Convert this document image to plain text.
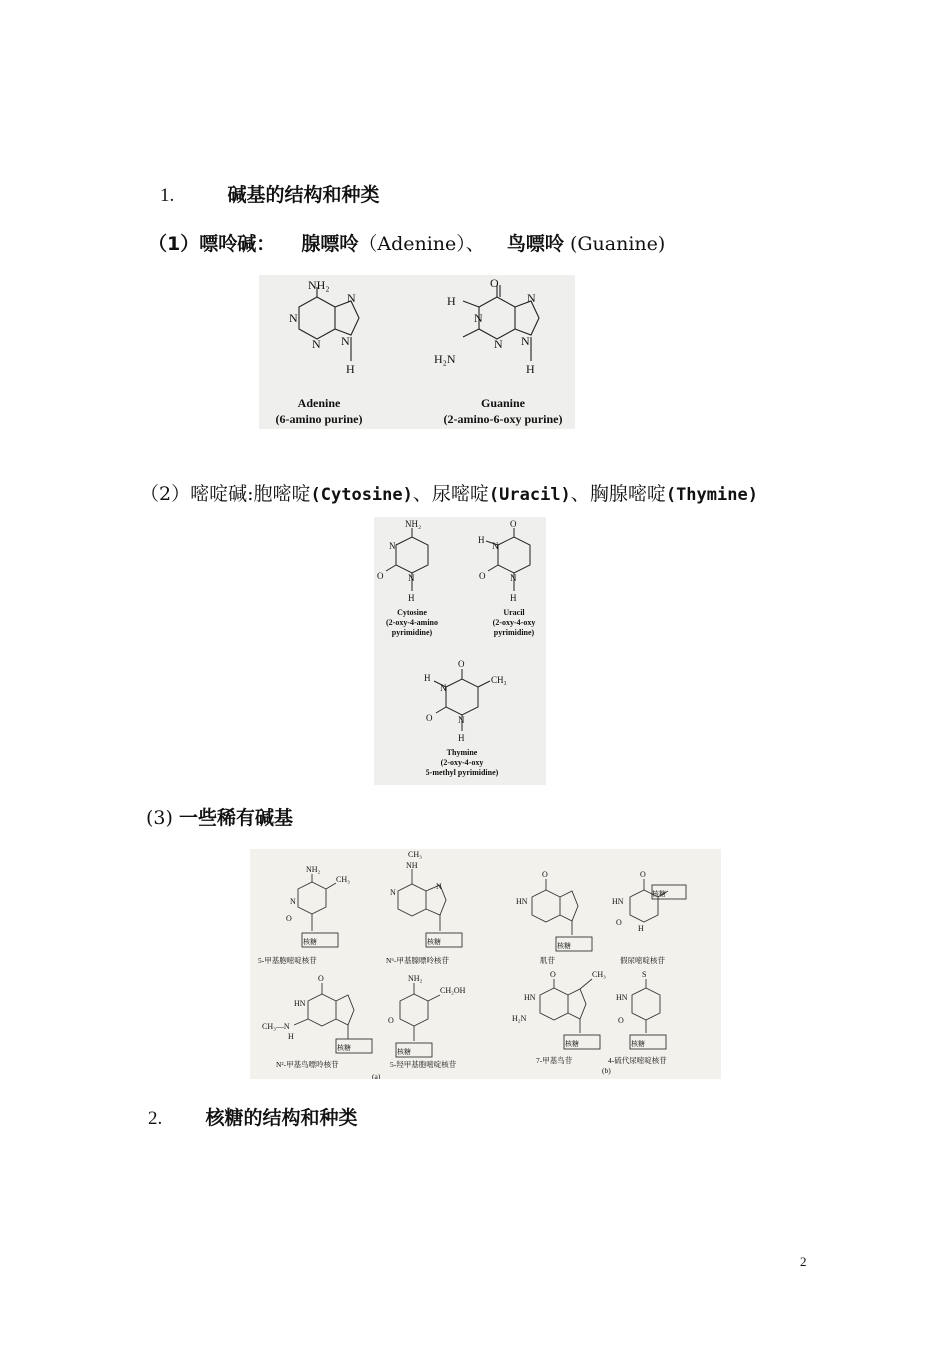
1.	碱基的结构和种类
（1）嘌呤碱： 腺嘌呤（Adenine）、 鸟嘌呤 (Guanine)
NH₂
N
N
N
N
H
O
H
N
H₂N
N
N
N
H
Adenine
(6-amino purine)
Guanine
(2-amino-6-oxy purine)
（2）嘧啶碱:胞嘧啶(Cytosine)、尿嘧啶(Uracil)、胸腺嘧啶(Thymine)
NH₂
N
N
O
H
O
H
N
N
O
H
Cytosine
(2-oxy-4-amino
pyrimidine)
Uracil
(2-oxy-4-oxy
pyrimidine)
O
H
N
CH₃
N
O
H
Thymine
(2-oxy-4-oxy
5-methyl pyrimidine)
(3) 一些稀有碱基
NH₂
CH₃
N
O
CH₃
NH
N
N
O
HN
O
HN
O
H
O
HN
CH₃—N
H
NH₂
CH₂OH
O
O	CH₃
HN
H₂N
S
HN
O
核糖	核糖	核糖
核糖
核糖	核糖
核糖	核糖
5-甲基胞嘧啶核苷	N⁶-甲基腺嘌呤核苷	肌苷	假尿嘧啶核苷
N²-甲基鸟嘌呤核苷	5-羟甲基胞嘧啶核苷	7-甲基鸟苷	4-硫代尿嘧啶核苷
(b)
(a)
2. 核糖的结构和种类
2
